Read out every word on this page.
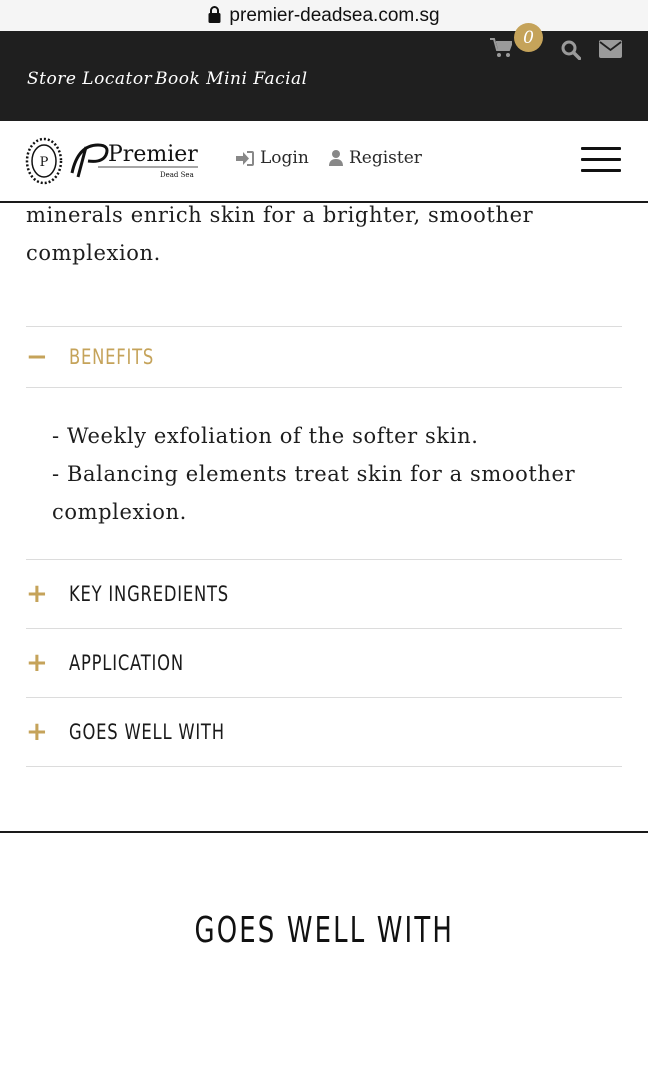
premier-deadsea.com.sg
Store Locator Book Mini Facial
0
P	Premier
Dead Sea
Login Register
minerals enrich skin for a brighter, smoother
complexion.
−	BENEFITS
- Weekly exfoliation of the softer skin.
- Balancing elements treat skin for a smoother
complexion.
+	KEY INGREDIENTS
+	APPLICATION
+	GOES WELL WITH
GOES WELL WITH
